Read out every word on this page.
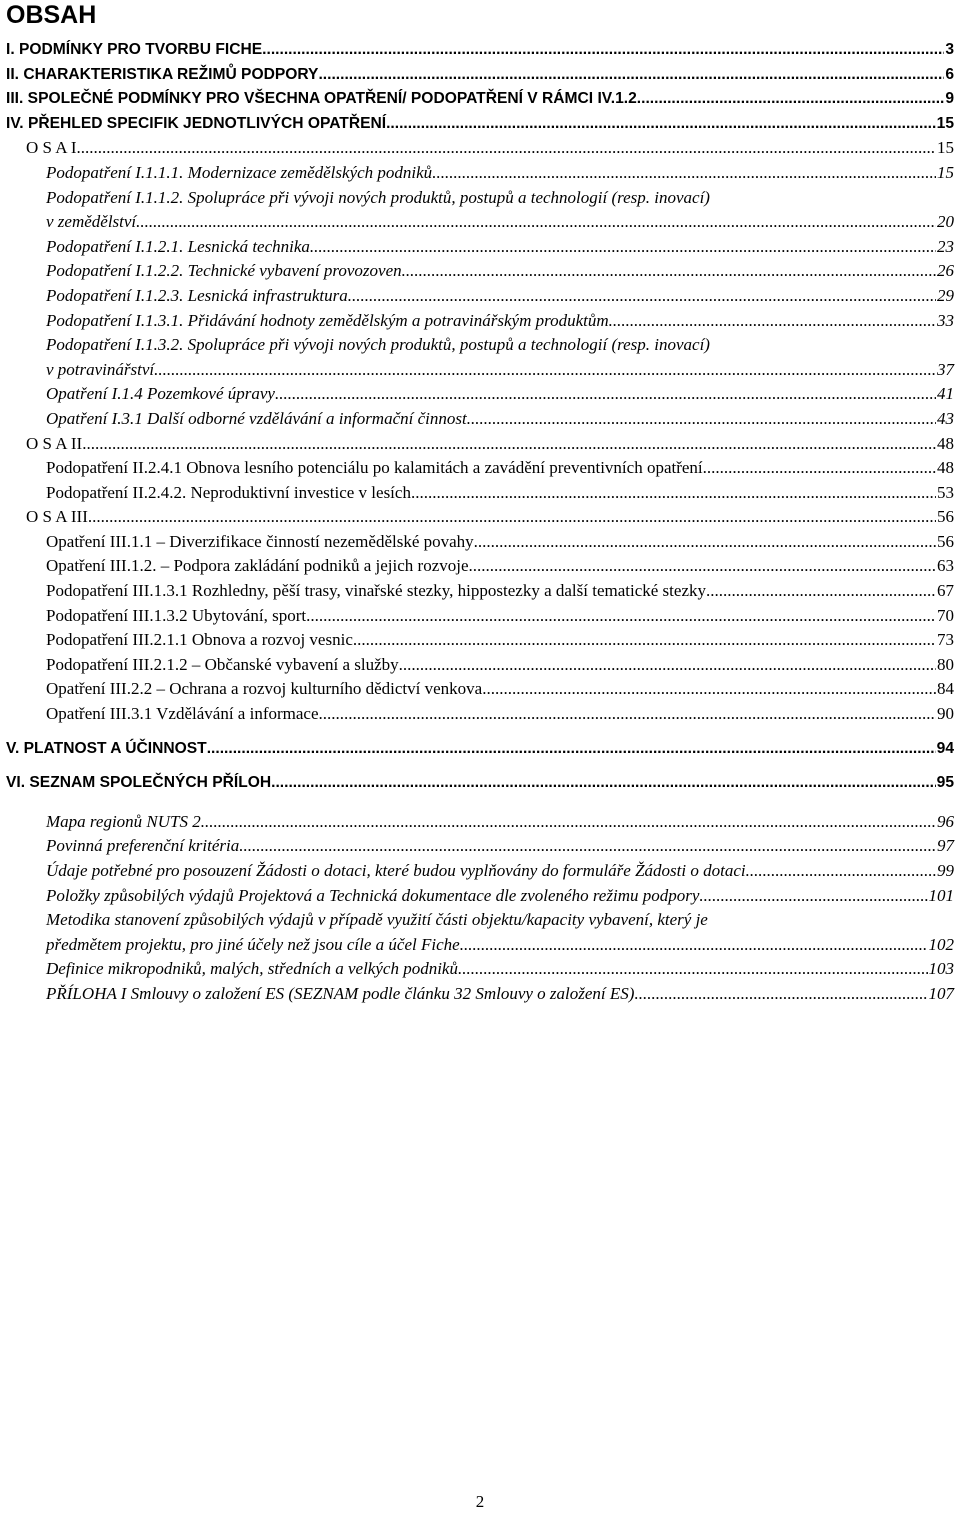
OBSAH
I. PODMÍNKY PRO TVORBU FICHE .....	3
II. CHARAKTERISTIKA REŽIMŮ PODPORY .....	6
III. SPOLEČNÉ PODMÍNKY PRO VŠECHNA OPATŘENÍ/ PODOPATŘENÍ V RÁMCI IV.1.2. .....	9
IV. PŘEHLED SPECIFIK JEDNOTLIVÝCH OPATŘENÍ .....	15
O S A I .....	15
Podopatření I.1.1.1. Modernizace zemědělských podniků .....	15
Podopatření I.1.1.2. Spolupráce při vývoji nových produktů, postupů a technologií (resp. inovací)
v zemědělství .....	20
Podopatření I.1.2.1. Lesnická technika .....	23
Podopatření I.1.2.2. Technické vybavení provozoven .....	26
Podopatření I.1.2.3. Lesnická infrastruktura .....	29
Podopatření I.1.3.1. Přidávání hodnoty zemědělským a potravinářským produktům .....	33
Podopatření I.1.3.2. Spolupráce při vývoji nových produktů, postupů a technologií (resp. inovací)
v potravinářství .....	37
Opatření I.1.4 Pozemkové úpravy .....	41
Opatření I.3.1 Další odborné vzdělávání a informační činnost .....	43
O S A II .....	48
Podopatření II.2.4.1 Obnova lesního potenciálu po kalamitách a zavádění preventivních opatření .....	48
Podopatření II.2.4.2. Neproduktivní investice v lesích .....	53
O S A III .....	56
Opatření III.1.1 – Diverzifikace činností nezemědělské povahy .....	56
Opatření III.1.2. – Podpora zakládání podniků a jejich rozvoje .....	63
Podopatření III.1.3.1 Rozhledny, pěší trasy, vinařské stezky, hippostezky a další tematické stezky .....	67
Podopatření III.1.3.2 Ubytování, sport .....	70
Podopatření III.2.1.1 Obnova a rozvoj vesnic .....	73
Podopatření III.2.1.2 – Občanské vybavení a služby .....	80
Opatření III.2.2 – Ochrana a rozvoj kulturního dědictví venkova .....	84
Opatření III.3.1 Vzdělávání a informace .....	90
V. PLATNOST A ÚČINNOST .....	94
VI. SEZNAM SPOLEČNÝCH PŘÍLOH .....	95
Mapa regionů NUTS 2 .....	96
Povinná preferenční kritéria .....	97
Údaje potřebné pro posouzení Žádosti o dotaci, které budou vyplňovány do formuláře Žádosti o dotaci .....	99
Položky způsobilých výdajů Projektová a Technická dokumentace dle zvoleného režimu podpory .....	101
Metodika stanovení způsobilých výdajů v případě využití části objektu/kapacity vybavení, který je
předmětem projektu, pro jiné účely než jsou cíle a účel Fiche .....	102
Definice mikropodniků, malých, středních a velkých podniků .....	103
PŘÍLOHA I Smlouvy o založení ES (SEZNAM podle článku 32 Smlouvy o založení ES) .....	107
2
